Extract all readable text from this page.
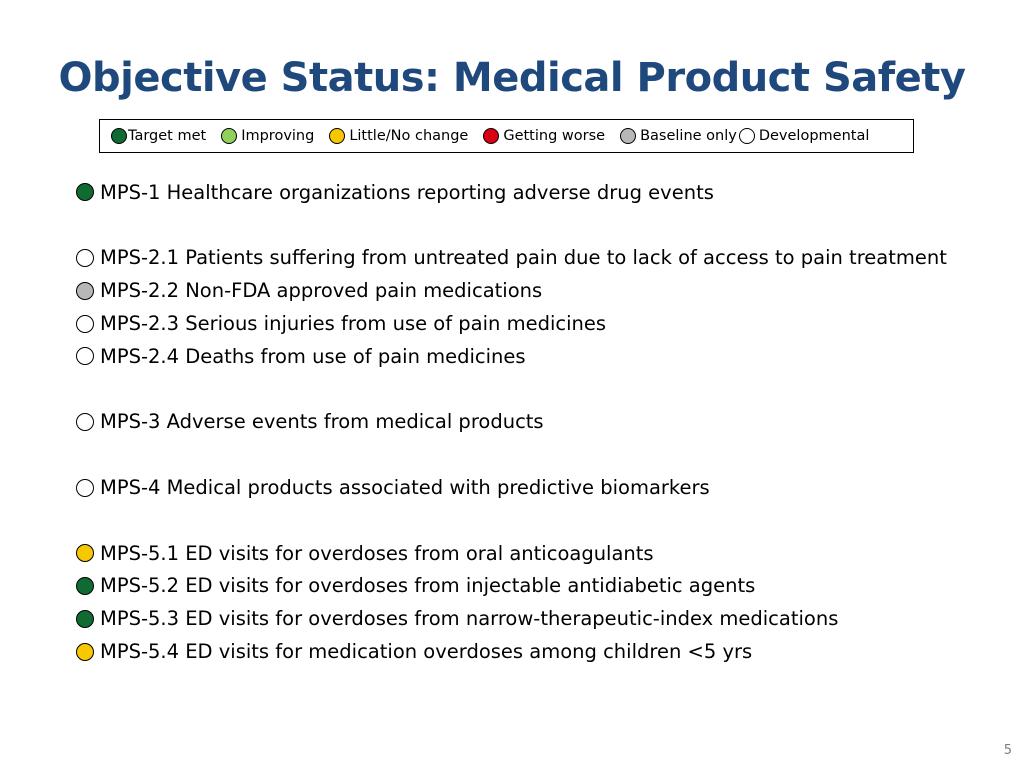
Objective Status: Medical Product Safety
Target met Improving Little/No change Getting worse Baseline only Developmental
MPS-1 Healthcare organizations reporting adverse drug events
MPS-2.1 Patients suffering from untreated pain due to lack of access to pain treatment
MPS-2.2 Non-FDA approved pain medications
MPS-2.3 Serious injuries from use of pain medicines
MPS-2.4 Deaths from use of pain medicines
MPS-3 Adverse events from medical products
MPS-4 Medical products associated with predictive biomarkers
MPS-5.1 ED visits for overdoses from oral anticoagulants
MPS-5.2 ED visits for overdoses from injectable antidiabetic agents
MPS-5.3 ED visits for overdoses from narrow-therapeutic-index medications
MPS-5.4 ED visits for medication overdoses among children <5 yrs
5
